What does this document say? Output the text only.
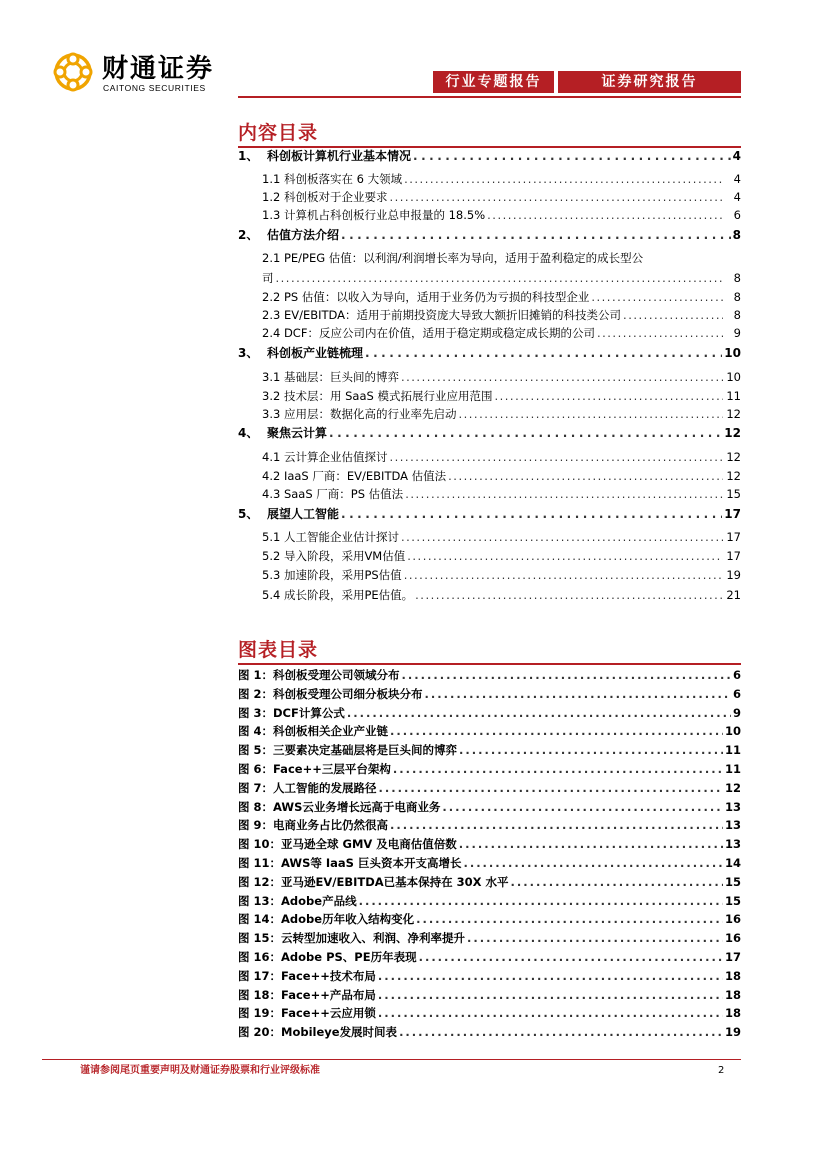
财通证券
CAITONG SECURITIES	行业专题报告	证券研究报告
内容目录
1、 科创板计算机行业基本情况 .....	4
1.1 科创板落实在 6 大领域 .....	4
1.2 科创板对于企业要求 .....	4
1.3 计算机占科创板行业总申报量的 18.5% .....	6
2、 估值方法介绍 .....	8
2.1 PE/PEG 估值：以利润/利润增长率为导向，适用于盈利稳定的成长型公
司 .....	8
2.2 PS 估值：以收入为导向，适用于业务仍为亏损的科技型企业 .....	8
2.3 EV/EBITDA：适用于前期投资庞大导致大额折旧摊销的科技类公司 .....	8
2.4 DCF：反应公司内在价值，适用于稳定期或稳定成长期的公司 .....	9
3、 科创板产业链梳理 .....	10
3.1 基础层：巨头间的博弈 .....	10
3.2 技术层：用 SaaS 模式拓展行业应用范围 .....	11
3.3 应用层：数据化高的行业率先启动 .....	12
4、 聚焦云计算 .....	12
4.1 云计算企业估值探讨 .....	12
4.2 IaaS 厂商：EV/EBITDA 估值法 .....	12
4.3 SaaS 厂商：PS 估值法 .....	15
5、 展望人工智能 .....	17
5.1 人工智能企业估计探讨 .....	17
5.2 导入阶段，采用VM估值 .....	17
5.3 加速阶段，采用PS估值 .....	19
5.4 成长阶段，采用PE估值。 .....	21
图表目录
图 1：科创板受理公司领域分布 .....	6
图 2：科创板受理公司细分板块分布 .....	6
图 3：DCF计算公式 .....	9
图 4：科创板相关企业产业链 .....	10
图 5：三要素决定基础层将是巨头间的博弈 .....	11
图 6：Face++三层平台架构 .....	11
图 7：人工智能的发展路径 .....	12
图 8：AWS云业务增长远高于电商业务 .....	13
图 9：电商业务占比仍然很高 .....	13
图 10：亚马逊全球 GMV 及电商估值倍数 .....	13
图 11：AWS等 IaaS 巨头资本开支高增长 .....	14
图 12：亚马逊EV/EBITDA已基本保持在 30X 水平 .....	15
图 13：Adobe产品线 .....	15
图 14：Adobe历年收入结构变化 .....	16
图 15：云转型加速收入、利润、净利率提升 .....	16
图 16：Adobe PS、PE历年表现 .....	17
图 17：Face++技术布局 .....	18
图 18：Face++产品布局 .....	18
图 19：Face++云应用锁 .....	18
图 20：Mobileye发展时间表 .....	19
谨请参阅尾页重要声明及财通证券股票和行业评级标准	2
